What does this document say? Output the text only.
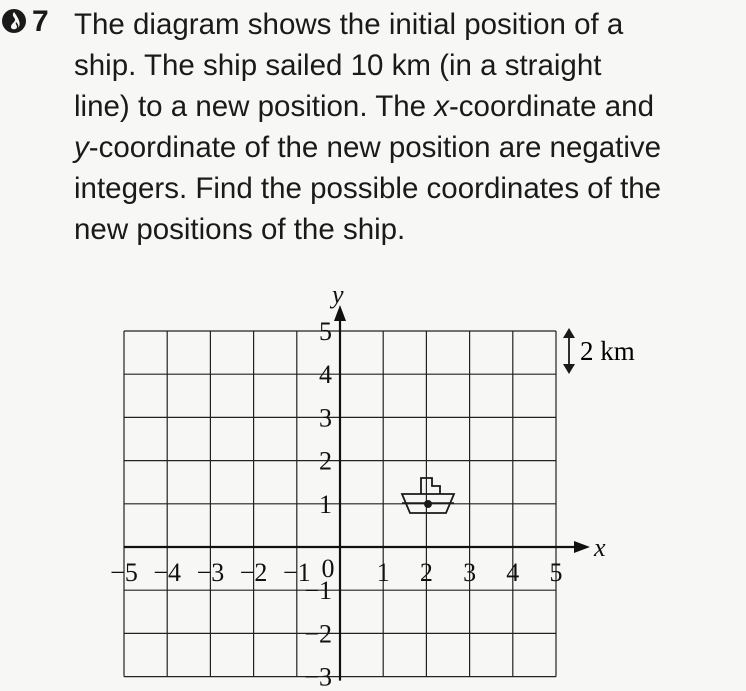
7 The diagram shows the initial position of a
ship. The ship sailed 10 km (in a straight
line) to a new position. The x-coordinate and
y-coordinate of the new position are negative
integers. Find the possible coordinates of the
new positions of the ship.
x
y
−5 −4 −3 −2 −1	1 2 3 4 5
0
5
4
3
2
1
−1
−2
−3
2 km
